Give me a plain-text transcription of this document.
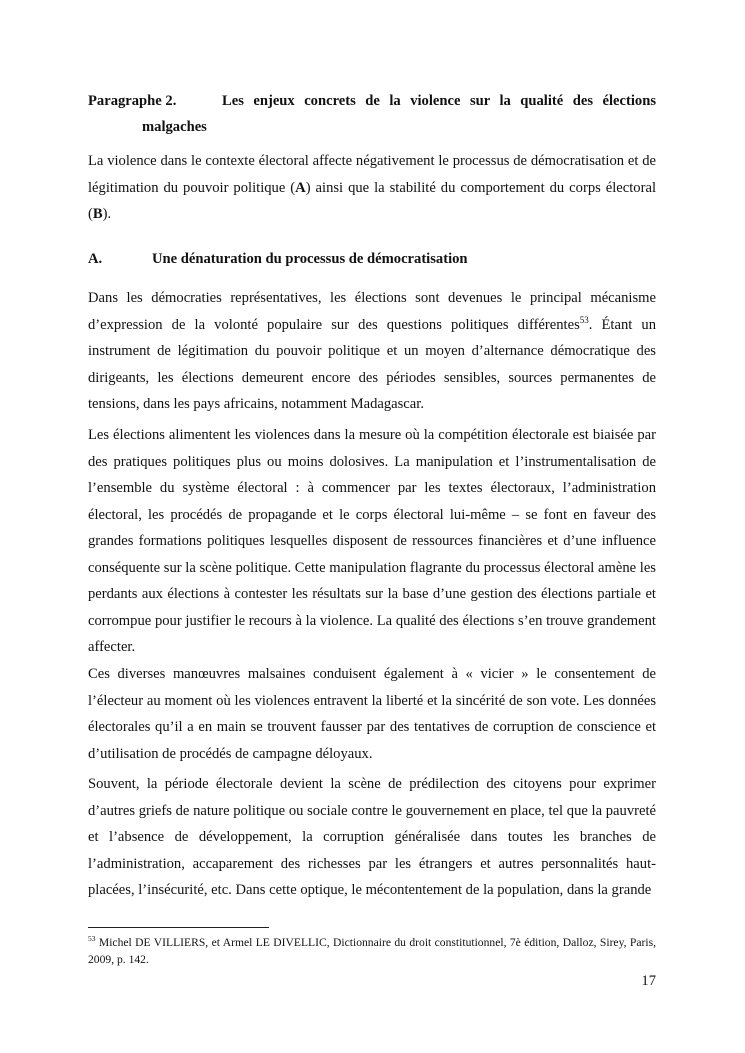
Paragraphe 2.	Les enjeux concrets de la violence sur la qualité des élections
malgaches

La violence dans le contexte électoral affecte négativement le processus de démocratisation et de légitimation du pouvoir politique (A) ainsi que la stabilité du comportement du corps électoral (B).

A.	Une dénaturation du processus de démocratisation

Dans les démocraties représentatives, les élections sont devenues le principal mécanisme d’expression de la volonté populaire sur des questions politiques différentes$^{53}$. Étant un instrument de légitimation du pouvoir politique et un moyen d’alternance démocratique des dirigeants, les élections demeurent encore des périodes sensibles, sources permanentes de tensions, dans les pays africains, notamment Madagascar.

Les élections alimentent les violences dans la mesure où la compétition électorale est biaisée par des pratiques politiques plus ou moins dolosives. La manipulation et l’instrumentalisation de l’ensemble du système électoral : à commencer par les textes électoraux, l’administration électoral, les procédés de propagande et le corps électoral lui-même – se font en faveur des grandes formations politiques lesquelles disposent de ressources financières et d’une influence conséquente sur la scène politique. Cette manipulation flagrante du processus électoral amène les perdants aux élections à contester les résultats sur la base d’une gestion des élections partiale et corrompue pour justifier le recours à la violence. La qualité des élections s’en trouve grandement affecter.

Ces diverses manœuvres malsaines conduisent également à « vicier » le consentement de l’électeur au moment où les violences entravent la liberté et la sincérité de son vote. Les données électorales qu’il a en main se trouvent fausser par des tentatives de corruption de conscience et d’utilisation de procédés de campagne déloyaux.

Souvent, la période électorale devient la scène de prédilection des citoyens pour exprimer d’autres griefs de nature politique ou sociale contre le gouvernement en place, tel que la pauvreté et l’absence de développement, la corruption généralisée dans toutes les branches de l’administration, accaparement des richesses par les étrangers et autres personnalités haut-placées, l’insécurité, etc. Dans cette optique, le mécontentement de la population, dans la grande

$^{53}$ Michel DE VILLIERS, et Armel LE DIVELLIC, Dictionnaire du droit constitutionnel, 7è édition, Dalloz, Sirey, Paris, 2009, p. 142.
17
